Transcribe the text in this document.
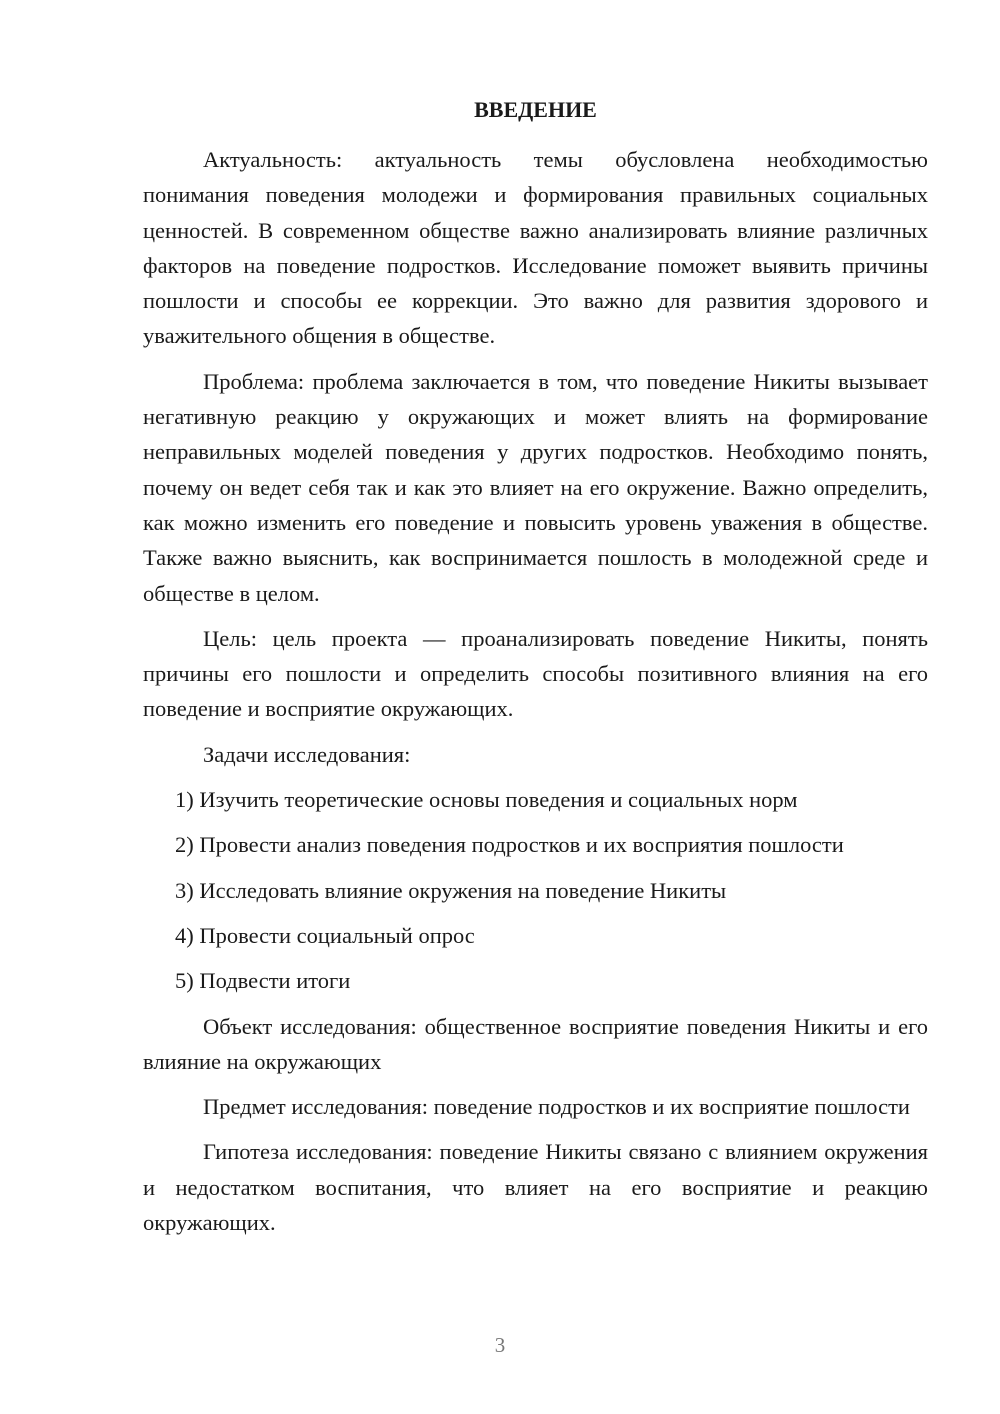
ВВЕДЕНИЕ

Актуальность: актуальность темы обусловлена необходимостью понимания поведения молодежи и формирования правильных социальных ценностей. В современном обществе важно анализировать влияние различных факторов на поведение подростков. Исследование поможет выявить причины пошлости и способы ее коррекции. Это важно для развития здорового и уважительного общения в обществе.

Проблема: проблема заключается в том, что поведение Никиты вызывает негативную реакцию у окружающих и может влиять на формирование неправильных моделей поведения у других подростков. Необходимо понять, почему он ведет себя так и как это влияет на его окружение. Важно определить, как можно изменить его поведение и повысить уровень уважения в обществе. Также важно выяснить, как воспринимается пошлость в молодежной среде и обществе в целом.

Цель: цель проекта — проанализировать поведение Никиты, понять причины его пошлости и определить способы позитивного влияния на его поведение и восприятие окружающих.

Задачи исследования:

1) Изучить теоретические основы поведения и социальных норм
2) Провести анализ поведения подростков и их восприятия пошлости
3) Исследовать влияние окружения на поведение Никиты
4) Провести социальный опрос
5) Подвести итоги

Объект исследования: общественное восприятие поведения Никиты и его влияние на окружающих

Предмет исследования: поведение подростков и их восприятие пошлости

Гипотеза исследования: поведение Никиты связано с влиянием окружения и недостатком воспитания, что влияет на его восприятие и реакцию окружающих.

3
